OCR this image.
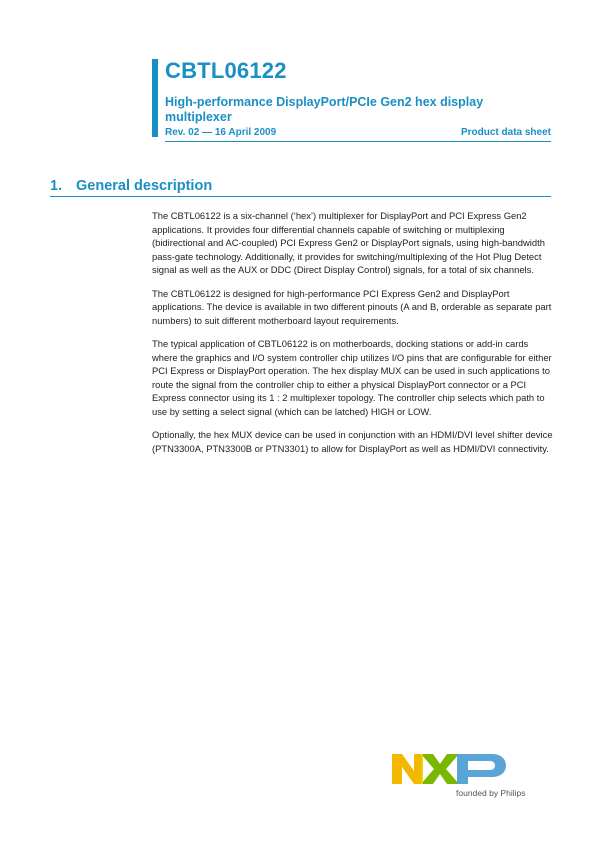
CBTL06122
High-performance DisplayPort/PCIe Gen2 hex display multiplexer
Rev. 02 — 16 April 2009	Product data sheet
1. General description

The CBTL06122 is a six-channel (‘hex’) multiplexer for DisplayPort and PCI Express Gen2 applications. It provides four differential channels capable of switching or multiplexing (bidirectional and AC-coupled) PCI Express Gen2 or DisplayPort signals, using high-bandwidth pass-gate technology. Additionally, it provides for switching/multiplexing of the Hot Plug Detect signal as well as the AUX or DDC (Direct Display Control) signals, for a total of six channels.

The CBTL06122 is designed for high-performance PCI Express Gen2 and DisplayPort applications. The device is available in two different pinouts (A and B, orderable as separate part numbers) to suit different motherboard layout requirements.

The typical application of CBTL06122 is on motherboards, docking stations or add-in cards where the graphics and I/O system controller chip utilizes I/O pins that are configurable for either PCI Express or DisplayPort operation. The hex display MUX can be used in such applications to route the signal from the controller chip to either a physical DisplayPort connector or a PCI Express connector using its 1 : 2 multiplexer topology. The controller chip selects which path to use by setting a select signal (which can be latched) HIGH or LOW.

Optionally, the hex MUX device can be used in conjunction with an HDMI/DVI level shifter device (PTN3300A, PTN3300B or PTN3301) to allow for DisplayPort as well as HDMI/DVI connectivity.

founded by Philips
